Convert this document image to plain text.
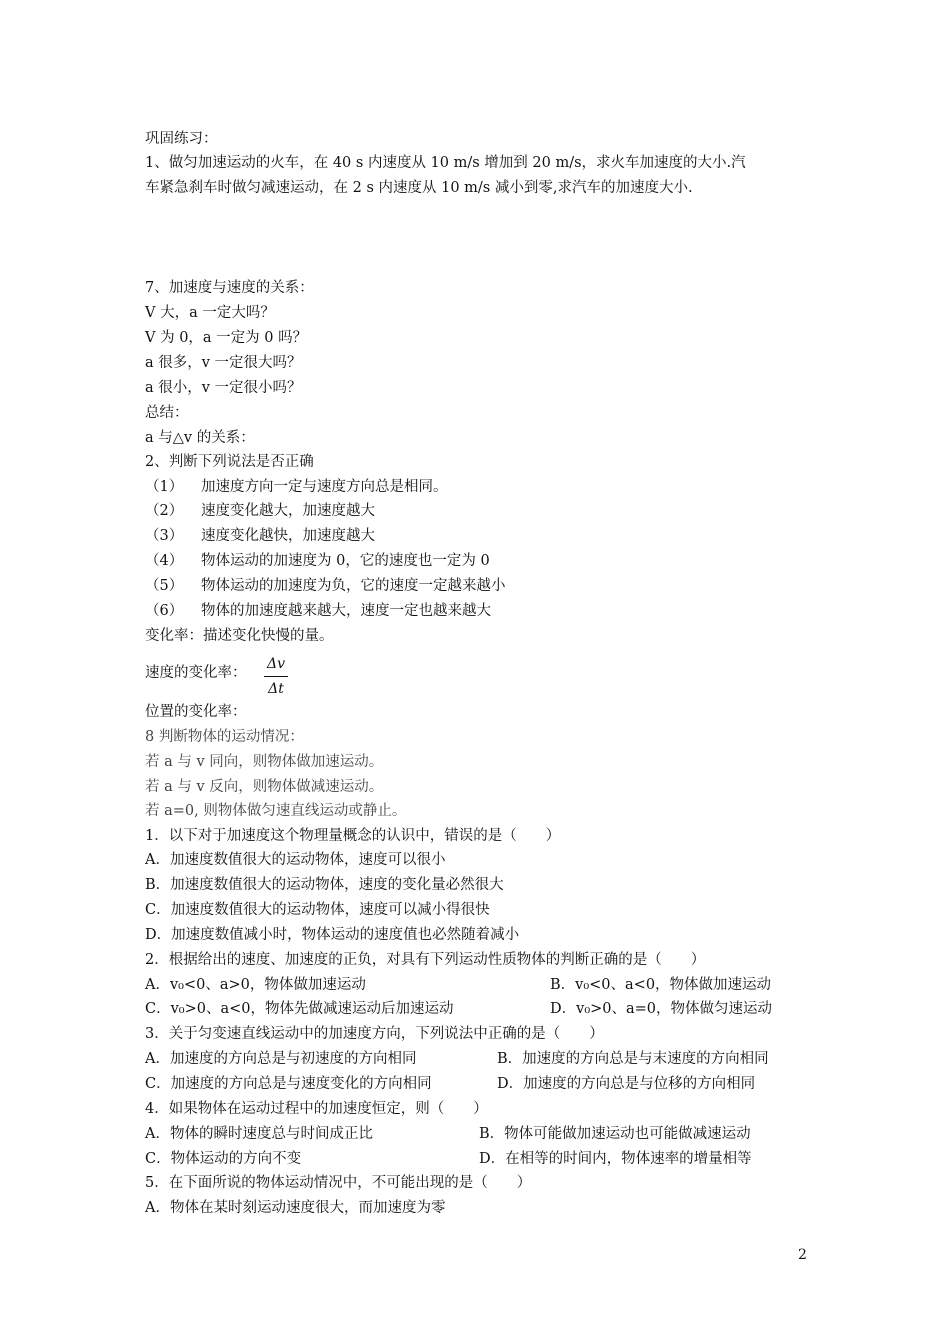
巩固练习：
1、做匀加速运动的火车，在 40 s 内速度从 10 m/s 增加到 20 m/s，求火车加速度的大小.汽
车紧急刹车时做匀减速运动，在 2 s 内速度从 10 m/s 减小到零,求汽车的加速度大小.
7、加速度与速度的关系：
V 大，a 一定大吗？
V 为 0，a 一定为 0 吗？
a 很多，v 一定很大吗？
a 很小，v 一定很小吗？
总结：
a 与△v 的关系：
2、判断下列说法是否正确
（1） 加速度方向一定与速度方向总是相同。
（2） 速度变化越大，加速度越大
（3） 速度变化越快，加速度越大
（4） 物体运动的加速度为 0，它的速度也一定为 0
（5） 物体运动的加速度为负，它的速度一定越来越小
（6） 物体的加速度越来越大，速度一定也越来越大
变化率：描述变化快慢的量。
速度的变化率：
Δv
Δt
位置的变化率：
8 判断物体的运动情况：
若 a 与 v 同向，则物体做加速运动。
若 a 与 v 反向，则物体做减速运动。
若 a=0, 则物体做匀速直线运动或静止。
1．以下对于加速度这个物理量概念的认识中，错误的是（　　）
A．加速度数值很大的运动物体，速度可以很小
B．加速度数值很大的运动物体，速度的变化量必然很大
C．加速度数值很大的运动物体，速度可以减小得很快
D．加速度数值减小时，物体运动的速度值也必然随着减小
2．根据给出的速度、加速度的正负，对具有下列运动性质物体的判断正确的是（　　）
A．v₀<0、a>0，物体做加速运动	B．v₀<0、a<0，物体做加速运动
C．v₀>0、a<0，物体先做减速运动后加速运动	D．v₀>0、a=0，物体做匀速运动
3．关于匀变速直线运动中的加速度方向，下列说法中正确的是（　　）
A．加速度的方向总是与初速度的方向相同	B．加速度的方向总是与末速度的方向相同
C．加速度的方向总是与速度变化的方向相同	D．加速度的方向总是与位移的方向相同
4．如果物体在运动过程中的加速度恒定，则（　　）
A．物体的瞬时速度总与时间成正比	B．物体可能做加速运动也可能做减速运动
C．物体运动的方向不变	D．在相等的时间内，物体速率的增量相等
5．在下面所说的物体运动情况中，不可能出现的是（　　）
A．物体在某时刻运动速度很大，而加速度为零
2
